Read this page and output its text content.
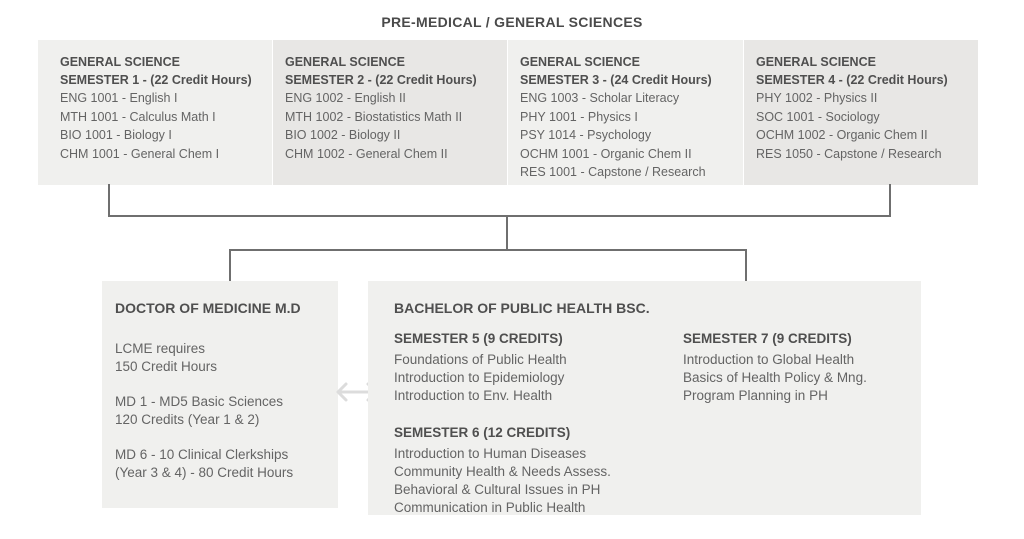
PRE-MEDICAL / GENERAL SCIENCES
GENERAL SCIENCE
SEMESTER 1 - (22 Credit Hours)
ENG 1001 - English I
MTH 1001 - Calculus Math I
BIO 1001 - Biology I
CHM 1001 - General Chem I
GENERAL SCIENCE
SEMESTER 2 - (22 Credit Hours)
ENG 1002 - English II
MTH 1002 - Biostatistics Math II
BIO 1002 - Biology II
CHM 1002 - General Chem II
GENERAL SCIENCE
SEMESTER 3 - (24 Credit Hours)
ENG 1003 - Scholar Literacy
PHY 1001 - Physics I
PSY 1014 - Psychology
OCHM 1001 - Organic Chem II
RES 1001 - Capstone / Research
GENERAL SCIENCE
SEMESTER 4 - (22 Credit Hours)
PHY 1002 - Physics II
SOC 1001 - Sociology
OCHM 1002 - Organic Chem II
RES 1050 - Capstone / Research
DOCTOR OF MEDICINE M.D
LCME requires
150 Credit Hours
MD 1 - MD5 Basic Sciences
120 Credits (Year 1 & 2)
MD 6 - 10 Clinical Clerkships
(Year 3 & 4) - 80 Credit Hours
BACHELOR OF PUBLIC HEALTH BSC.
SEMESTER 5 (9 CREDITS)
Foundations of Public Health
Introduction to Epidemiology
Introduction to Env. Health
SEMESTER 6 (12 CREDITS)
Introduction to Human Diseases
Community Health & Needs Assess.
Behavioral & Cultural Issues in PH
Communication in Public Health
SEMESTER 7 (9 CREDITS)
Introduction to Global Health
Basics of Health Policy & Mng.
Program Planning in PH
